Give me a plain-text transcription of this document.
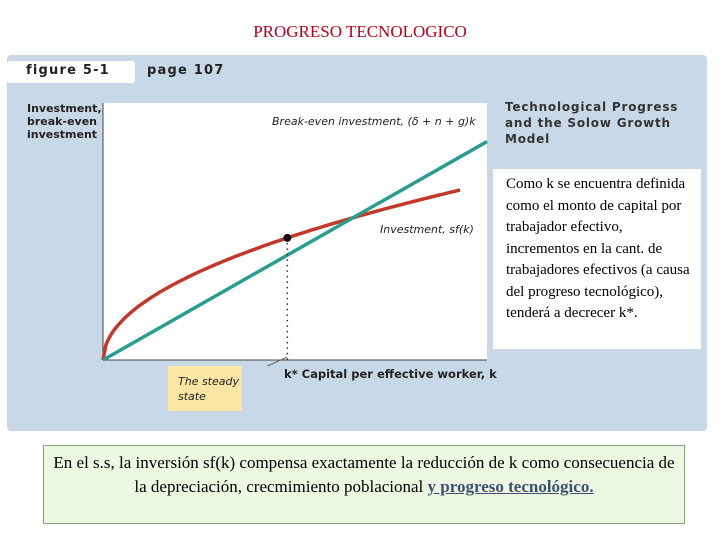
PROGRESO TECNOLOGICO
figure 5-1	page 107
Investment,
break-even
investment
Technological Progress
and the Solow Growth
Model
Como k se encuentra definida como el monto de capital por trabajador efectivo, incrementos en la cant. de trabajadores efectivos (a causa del progreso tecnológico), tenderá a decrecer k*.
Break-even investment, (δ + n + g)k
Investment, sf(k)
The steady state
k* Capital per effective worker, k
En el s.s, la inversión sf(k) compensa exactamente la reducción de k como consecuencia de la depreciación, crecmimiento poblacional y progreso tecnológico.
